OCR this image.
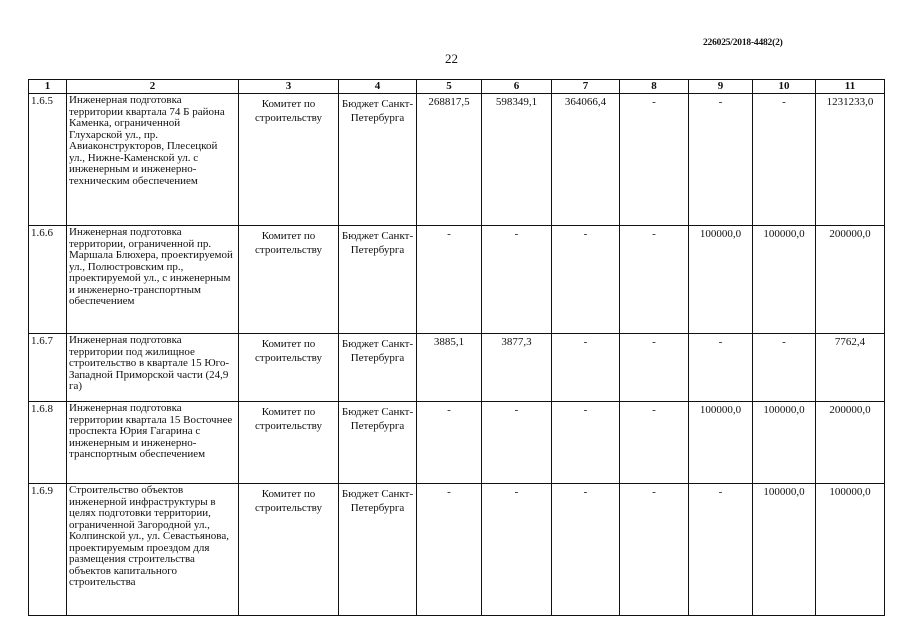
226025/2018-4482(2)
22
1	2	3	4	5	6	7	8	9	10	11
1.6.5	Инженерная подготовка территории квартала 74 Б района Каменка, ограниченной Глухарской ул., пр. Авиаконструкторов, Плесецкой ул., Нижне-Каменской ул. с инженерным и инженерно-техническим обеспечением	Комитет по строительству	Бюджет Санкт-Петербурга	268817,5	598349,1	364066,4	-	-	-	1231233,0
1.6.6	Инженерная подготовка территории, ограниченной пр. Маршала Блюхера, проектируемой ул., Полюстровским пр., проектируемой ул., с инженерным и инженерно-транспортным обеспечением	Комитет по строительству	Бюджет Санкт-Петербурга	-	-	-	-	100000,0	100000,0	200000,0
1.6.7	Инженерная подготовка территории под жилищное строительство в квартале 15 Юго-Западной Приморской части (24,9 га)	Комитет по строительству	Бюджет Санкт-Петербурга	3885,1	3877,3	-	-	-	-	7762,4
1.6.8	Инженерная подготовка территории квартала 15 Восточнее проспекта Юрия Гагарина с инженерным и инженерно-транспортным обеспечением	Комитет по строительству	Бюджет Санкт-Петербурга	-	-	-	-	100000,0	100000,0	200000,0
1.6.9	Строительство объектов инженерной инфраструктуры в целях подготовки территории, ограниченной Загородной ул., Колпинской ул., ул. Севастьянова, проектируемым проездом для размещения строительства объектов капитального строительства	Комитет по строительству	Бюджет Санкт-Петербурга	-	-	-	-	-	100000,0	100000,0
